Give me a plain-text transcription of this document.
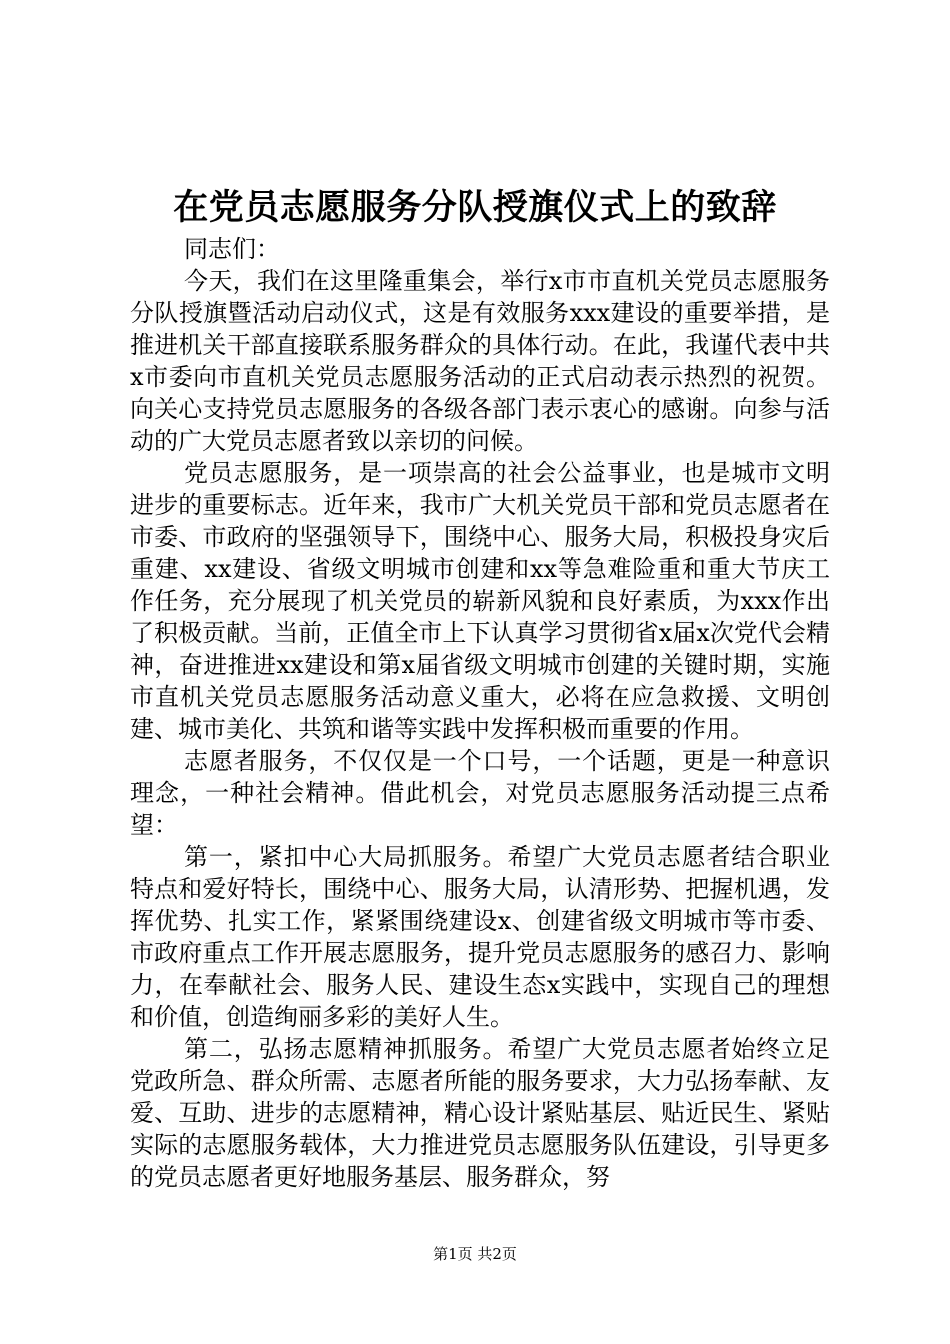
在党员志愿服务分队授旗仪式上的致辞

同志们：

今天，我们在这里隆重集会，举行x市市直机关党员志愿服务分队授旗暨活动启动仪式，这是有效服务xxx建设的重要举措，是推进机关干部直接联系服务群众的具体行动。在此，我谨代表中共x市委向市直机关党员志愿服务活动的正式启动表示热烈的祝贺。向关心支持党员志愿服务的各级各部门表示衷心的感谢。向参与活动的广大党员志愿者致以亲切的问候。

党员志愿服务，是一项崇高的社会公益事业，也是城市文明进步的重要标志。近年来，我市广大机关党员干部和党员志愿者在市委、市政府的坚强领导下，围绕中心、服务大局，积极投身灾后重建、xx建设、省级文明城市创建和xx等急难险重和重大节庆工作任务，充分展现了机关党员的崭新风貌和良好素质，为xxx作出了积极贡献。当前，正值全市上下认真学习贯彻省x届x次党代会精神，奋进推进xx建设和第x届省级文明城市创建的关键时期，实施市直机关党员志愿服务活动意义重大，必将在应急救援、文明创建、城市美化、共筑和谐等实践中发挥积极而重要的作用。

志愿者服务，不仅仅是一个口号，一个话题，更是一种意识理念，一种社会精神。借此机会，对党员志愿服务活动提三点希望：

第一，紧扣中心大局抓服务。希望广大党员志愿者结合职业特点和爱好特长，围绕中心、服务大局，认清形势、把握机遇，发挥优势、扎实工作，紧紧围绕建设x、创建省级文明城市等市委、市政府重点工作开展志愿服务，提升党员志愿服务的感召力、影响力，在奉献社会、服务人民、建设生态x实践中，实现自己的理想和价值，创造绚丽多彩的美好人生。

第二，弘扬志愿精神抓服务。希望广大党员志愿者始终立足党政所急、群众所需、志愿者所能的服务要求，大力弘扬奉献、友爱、互助、进步的志愿精神，精心设计紧贴基层、贴近民生、紧贴实际的志愿服务载体，大力推进党员志愿服务队伍建设，引导更多的党员志愿者更好地服务基层、服务群众，努

第1页 共2页
